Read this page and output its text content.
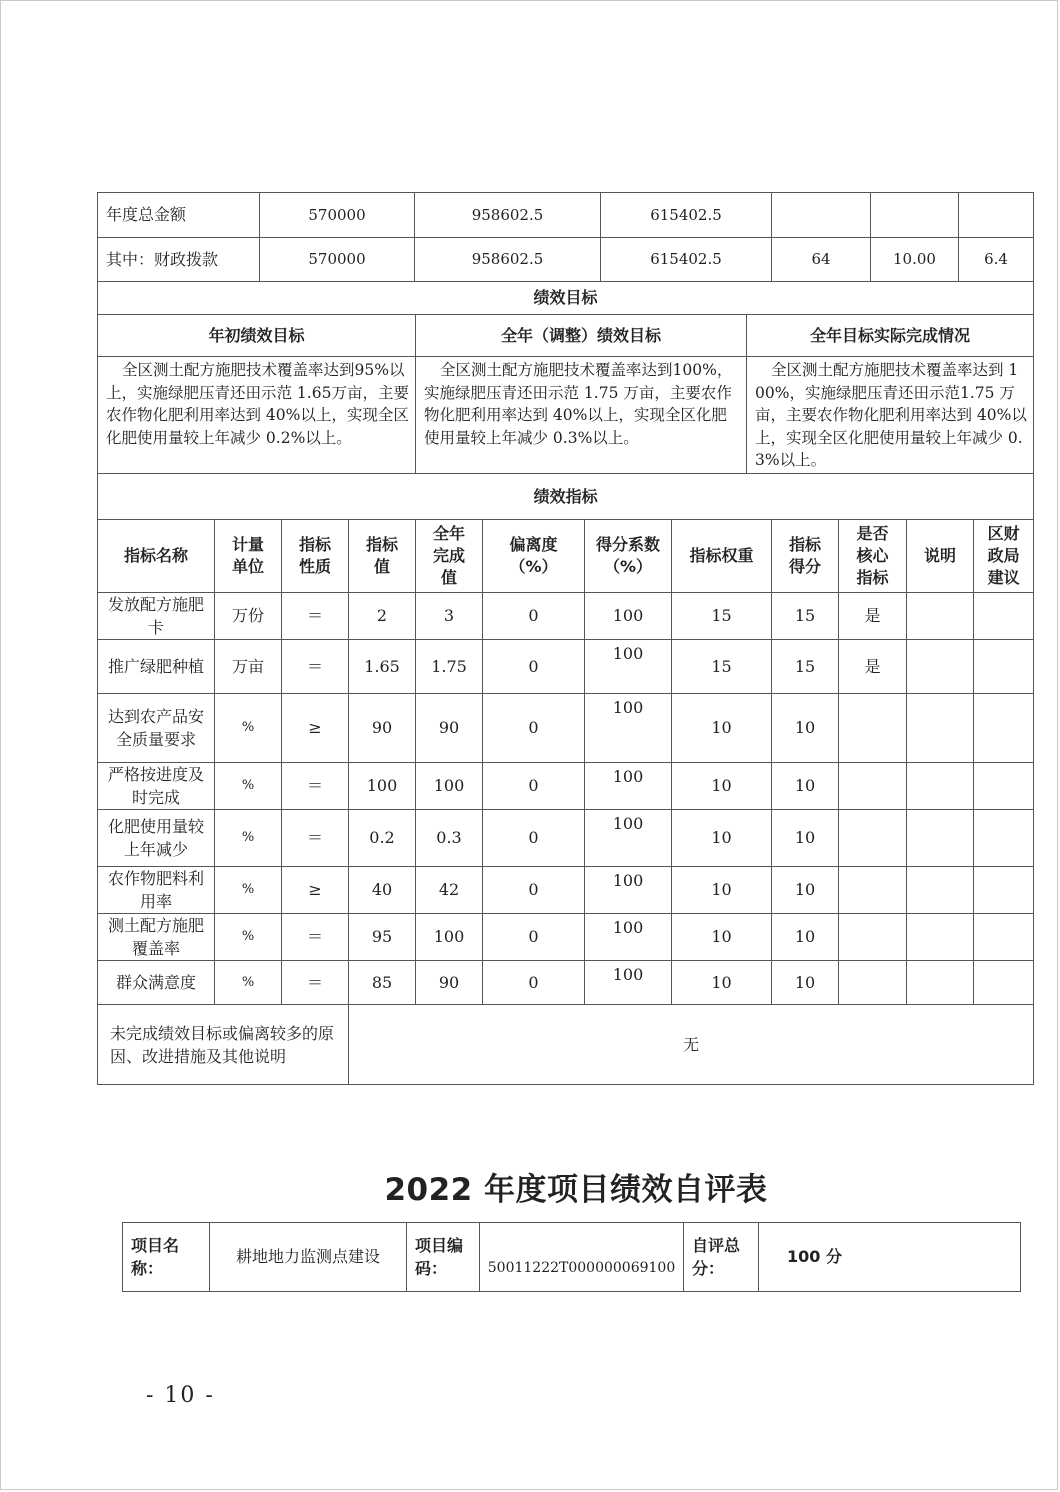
年度总金额	570000	958602.5	615402.5			
其中：财政拨款	570000	958602.5	615402.5	64	10.00	6.4
绩效目标		
年初绩效目标	全年（调整）绩效目标	全年目标实际完成情况
全区测土配方施肥技术覆盖率达到95%以上，实施绿肥压青还田示范 1.65万亩，主要农作物化肥利用率达到 40%以上，实现全区化肥使用量较上年减少 0.2%以上。	全区测土配方施肥技术覆盖率达到100%，实施绿肥压青还田示范 1.75 万亩，主要农作物化肥利用率达到 40%以上，实现全区化肥使用量较上年减少 0.3%以上。	全区测土配方施肥技术覆盖率达到 100%，实施绿肥压青还田示范1.75 万亩，主要农作物化肥利用率达到 40%以上，实现全区化肥使用量较上年减少 0.3%以上。
绩效指标											
指标名称	计量单位	指标性质	指标值	全年完成值	偏离度（%）	得分系数（%）	指标权重	指标得分	是否核心指标	说明	区财政局建议
发放配方施肥卡	万份	＝	2	3	0	100	15	15	是		
推广绿肥种植	万亩	＝	1.65	1.75	0	100	15	15	是		
达到农产品安全质量要求	%	≥	90	90	0	100	10	10			
严格按进度及时完成	%	＝	100	100	0	100	10	10			
化肥使用量较上年减少	%	＝	0.2	0.3	0	100	10	10			
农作物肥料利用率	%	≥	40	42	0	100	10	10			
测土配方施肥覆盖率	%	＝	95	100	0	100	10	10			
群众满意度	%	＝	85	90	0	100	10	10			
未完成绩效目标或偏离较多的原因、改进措施及其他说明			无								
2022 年度项目绩效自评表
项目名称：	耕地地力监测点建设	项目编码：	50011222T000000069100	自评总分：	100 分
- 10 -
